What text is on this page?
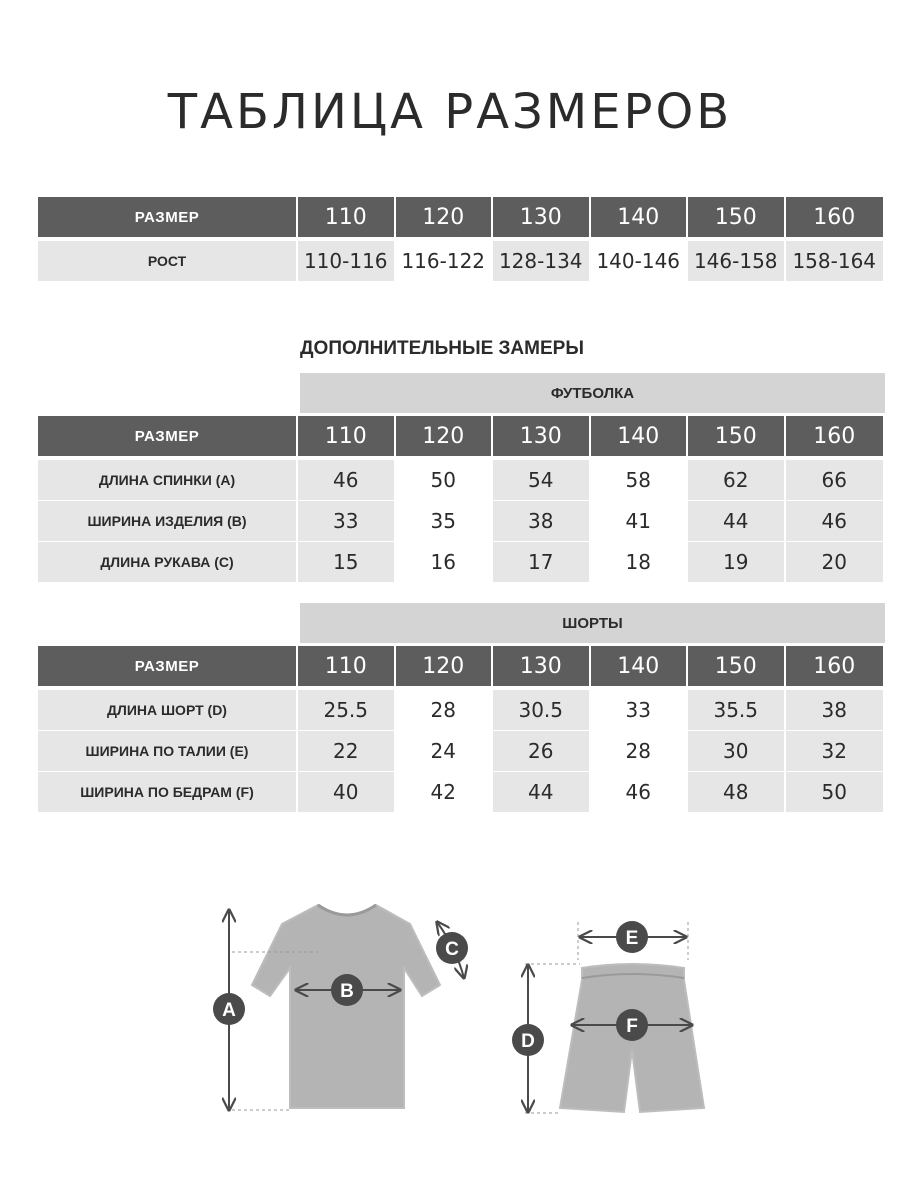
ТАБЛИЦА РАЗМЕРОВ
РАЗМЕР	110	120	130	140	150	160
РОСТ	110-116 116-122 128-134 140-146 146-158 158-164
ДОПОЛНИТЕЛЬНЫЕ ЗАМЕРЫ
ФУТБОЛКА
РАЗМЕР	110	120	130	140	150	160
ДЛИНА СПИНКИ (А)	46	50	54	58	62	66
ШИРИНА ИЗДЕЛИЯ (В)	33	35	38	41	44	46
ДЛИНА РУКАВА (С)	15	16	17	18	19	20
ШОРТЫ
РАЗМЕР	110	120	130	140	150	160
ДЛИНА ШОРТ (D)	25.5	28	30.5	33	35.5	38
ШИРИНА ПО ТАЛИИ (E)	22	24	26	28	30	32
ШИРИНА ПО БЕДРАМ (F)	40	42	44	46	48	50
A
B
C
E
D
F
